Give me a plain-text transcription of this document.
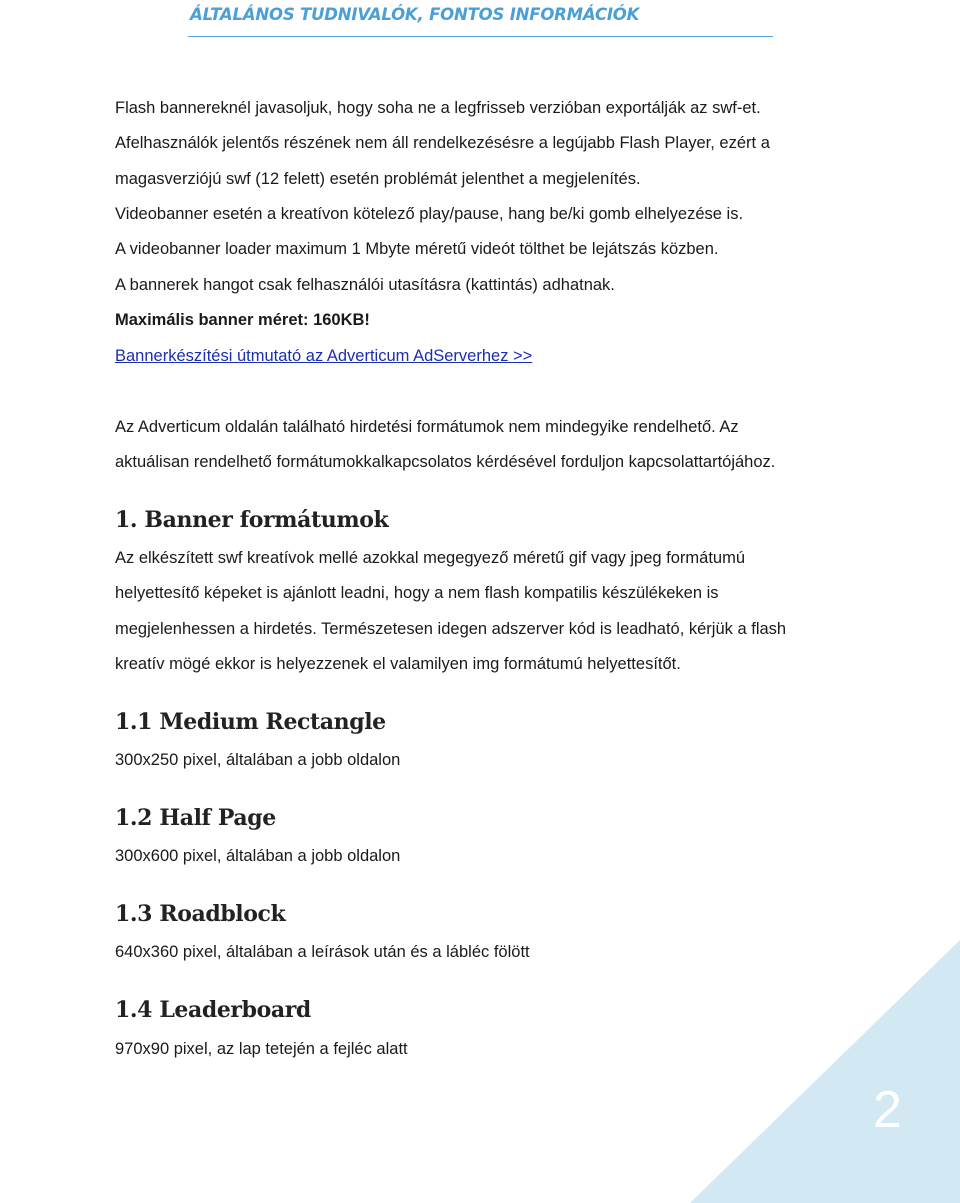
ÁLTALÁNOS TUDNIVALÓK, FONTOS INFORMÁCIÓK
Flash bannereknél javasoljuk, hogy soha ne a legfrisseb verzióban exportálják az swf-et.
Afelhasználók jelentős részének nem áll rendelkezésésre a legújabb Flash Player, ezért a
magasverziójú swf (12 felett) esetén problémát jelenthet a megjelenítés.
Videobanner esetén a kreatívon kötelező play/pause, hang be/ki gomb elhelyezése is.
A videobanner loader maximum 1 Mbyte méretű videót tölthet be lejátszás közben.
A bannerek hangot csak felhasználói utasításra (kattintás) adhatnak.
Maximális banner méret: 160KB!
Bannerkészítési útmutató az Adverticum AdServerhez >>
Az Adverticum oldalán található hirdetési formátumok nem mindegyike rendelhető. Az
aktuálisan rendelhető formátumokkalkapcsolatos kérdésével forduljon kapcsolattartójához.
1. Banner formátumok
Az elkészített swf kreatívok mellé azokkal megegyező méretű gif vagy jpeg formátumú
helyettesítő képeket is ajánlott leadni, hogy a nem flash kompatilis készülékeken is
megjelenhessen a hirdetés. Természetesen idegen adszerver kód is leadható, kérjük a flash
kreatív mögé ekkor is helyezzenek el valamilyen img formátumú helyettesítőt.
1.1 Medium Rectangle
300x250 pixel, általában a jobb oldalon
1.2 Half Page
300x600 pixel, általában a jobb oldalon
1.3 Roadblock
640x360 pixel, általában a leírások után és a lábléc fölött
1.4 Leaderboard
970x90 pixel, az lap tetején a fejléc alatt
2
